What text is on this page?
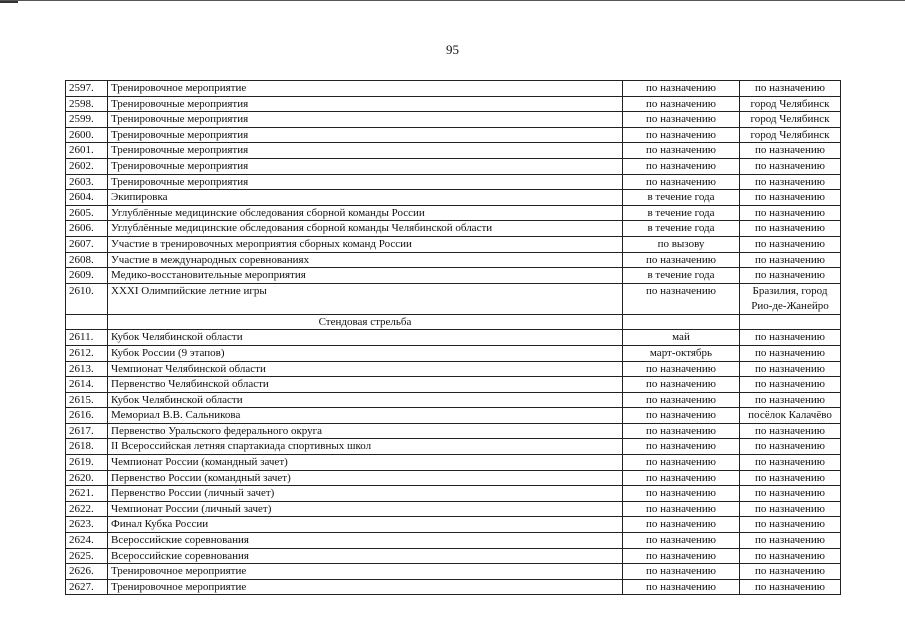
95
2597.	Тренировочное мероприятие	по назначению	по назначению
2598.	Тренировочные мероприятия	по назначению	город Челябинск
2599.	Тренировочные мероприятия	по назначению	город Челябинск
2600.	Тренировочные мероприятия	по назначению	город Челябинск
2601.	Тренировочные мероприятия	по назначению	по назначению
2602.	Тренировочные мероприятия	по назначению	по назначению
2603.	Тренировочные мероприятия	по назначению	по назначению
2604.	Экипировка	в течение года	по назначению
2605.	Углублённые медицинские обследования сборной команды России	в течение года	по назначению
2606.	Углублённые медицинские обследования сборной команды Челябинской области	в течение года	по назначению
2607.	Участие в тренировочных мероприятия сборных команд России	по вызову	по назначению
2608.	Участие в международных соревнованиях	по назначению	по назначению
2609.	Медико-восстановительные мероприятия	в течение года	по назначению
2610.	XXXI Олимпийские летние игры	по назначению	Бразилия, город Рио-де-Жанейро
	Стендовая стрельба		
2611.	Кубок Челябинской области	май	по назначению
2612.	Кубок России (9 этапов)	март-октябрь	по назначению
2613.	Чемпионат Челябинской области	по назначению	по назначению
2614.	Первенство Челябинской области	по назначению	по назначению
2615.	Кубок Челябинской области	по назначению	по назначению
2616.	Мемориал В.В. Сальникова	по назначению	посёлок Калачёво
2617.	Первенство Уральского федерального округа	по назначению	по назначению
2618.	II Всероссийская летняя спартакиада спортивных школ	по назначению	по назначению
2619.	Чемпионат России (командный зачет)	по назначению	по назначению
2620.	Первенство России (командный зачет)	по назначению	по назначению
2621.	Первенство России (личный зачет)	по назначению	по назначению
2622.	Чемпионат России (личный зачет)	по назначению	по назначению
2623.	Финал Кубка России	по назначению	по назначению
2624.	Всероссийские соревнования	по назначению	по назначению
2625.	Всероссийские соревнования	по назначению	по назначению
2626.	Тренировочное мероприятие	по назначению	по назначению
2627.	Тренировочное мероприятие	по назначению	по назначению
